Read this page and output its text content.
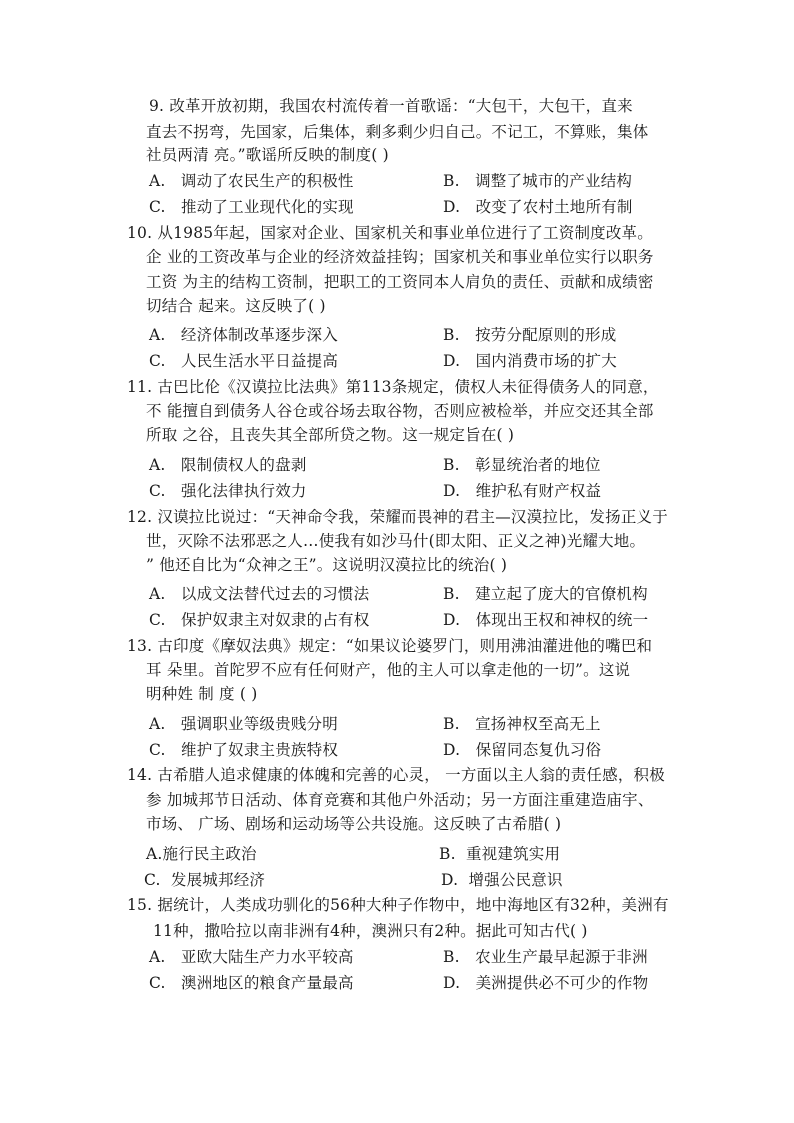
9. 改革开放初期，我国农村流传着一首歌谣：“大包干，大包干，直来
直去不拐弯，先国家，后集体，剩多剩少归自己。不记工，不算账，集体
社员两清 亮。”歌谣所反映的制度( )
A. 调动了农民生产的积极性	B. 调整了城市的产业结构
C. 推动了工业现代化的实现	D. 改变了农村土地所有制
10. 从1985年起，国家对企业、国家机关和事业单位进行了工资制度改革。
企 业的工资改革与企业的经济效益挂钩；国家机关和事业单位实行以职务
工资 为主的结构工资制，把职工的工资同本人肩负的责任、贡献和成绩密
切结合 起来。这反映了( )
A. 经济体制改革逐步深入	B. 按劳分配原则的形成
C. 人民生活水平日益提高	D. 国内消费市场的扩大
11. 古巴比伦《汉谟拉比法典》第113条规定，债权人未征得债务人的同意，
不 能擅自到债务人谷仓或谷场去取谷物，否则应被检举，并应交还其全部
所取 之谷，且丧失其全部所贷之物。这一规定旨在( )
A. 限制债权人的盘剥	B. 彰显统治者的地位
C. 强化法律执行效力	D. 维护私有财产权益
12. 汉谟拉比说过：“天神命令我，荣耀而畏神的君主—汉漠拉比，发扬正义于
世，灭除不法邪恶之人…使我有如沙马什(即太阳、正义之神)光耀大地。
” 他还自比为“众神之王”。这说明汉漠拉比的统治( )
A. 以成文法替代过去的习惯法	B. 建立起了庞大的官僚机构
C. 保护奴隶主对奴隶的占有权	D. 体现出王权和神权的统一
13. 古印度《摩奴法典》规定：“如果议论婆罗门，则用沸油灌进他的嘴巴和
耳 朵里。首陀罗不应有任何财产，他的主人可以拿走他的一切”。这说
明种姓 制 度 ( )
A. 强调职业等级贵贱分明	B. 宣扬神权至高无上
C. 维护了奴隶主贵族特权	D. 保留同态复仇习俗
14. 古希腊人追求健康的体魄和完善的心灵， 一方面以主人翁的责任感，积极
参 加城邦节日活动、体育竞赛和其他户外活动；另一方面注重建造庙宇、
市场、 广场、剧场和运动场等公共设施。这反映了古希腊( )
A.施行民主政治	B. 重视建筑实用
C. 发展城邦经济	D. 增强公民意识
15. 据统计，人类成功驯化的56种大种子作物中，地中海地区有32种，美洲有
11种，撒哈拉以南非洲有4种，澳洲只有2种。据此可知古代( )
A. 亚欧大陆生产力水平较高	B. 农业生产最早起源于非洲
C. 澳洲地区的粮食产量最高	D. 美洲提供必不可少的作物
